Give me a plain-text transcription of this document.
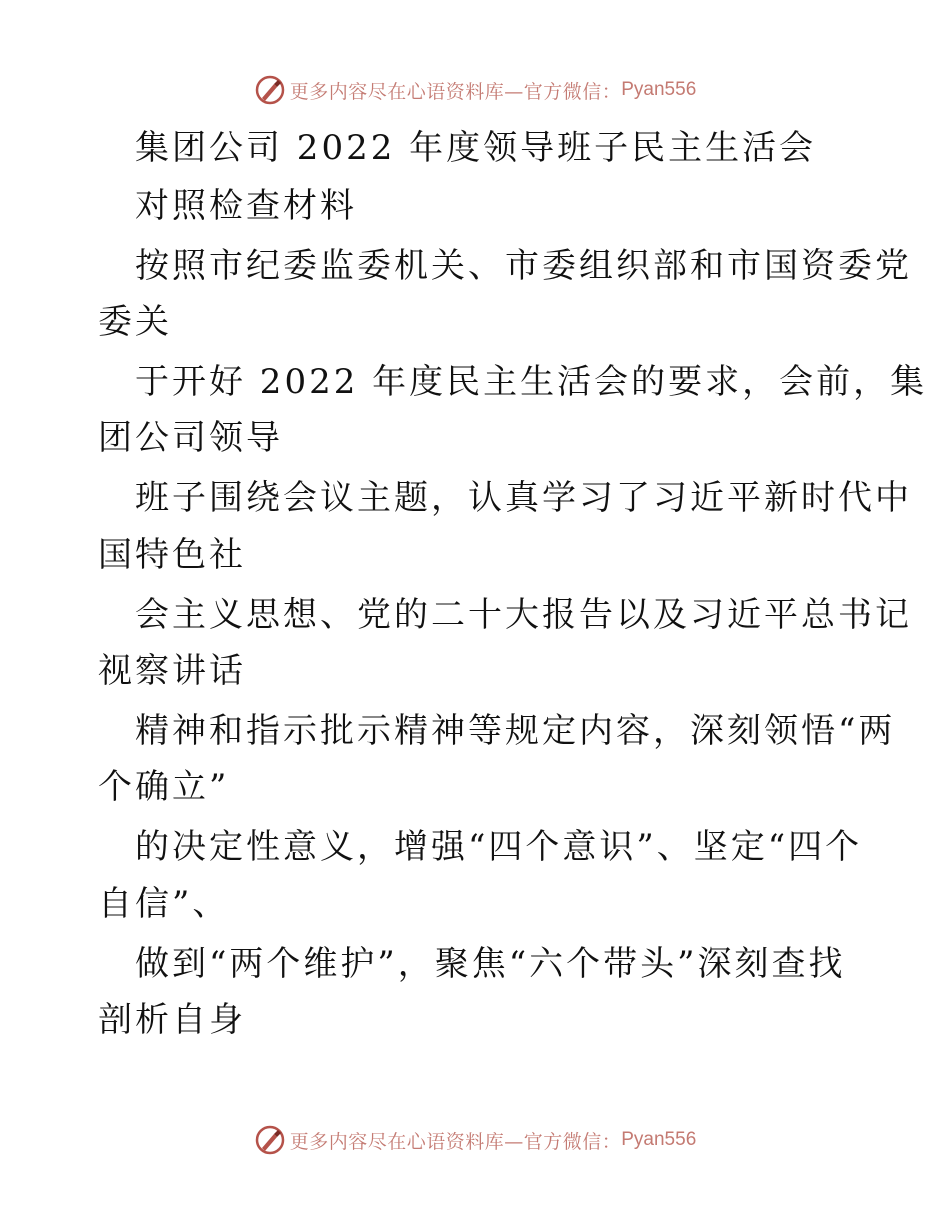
更多内容尽在心语资料库—官方微信： Pyan556
集团公司 2022 年度领导班子民主生活会
对照检查材料
按照市纪委监委机关、市委组织部和市国资委党
委关
于开好 2022 年度民主生活会的要求，会前，集
团公司领导
班子围绕会议主题，认真学习了习近平新时代中
国特色社
会主义思想、党的二十大报告以及习近平总书记
视察讲话
精神和指示批示精神等规定内容，深刻领悟“两
个确立”
的决定性意义，增强“四个意识”、坚定“四个
自信”、
做到“两个维护”，聚焦“六个带头”深刻查找
剖析自身
更多内容尽在心语资料库—官方微信： Pyan556
